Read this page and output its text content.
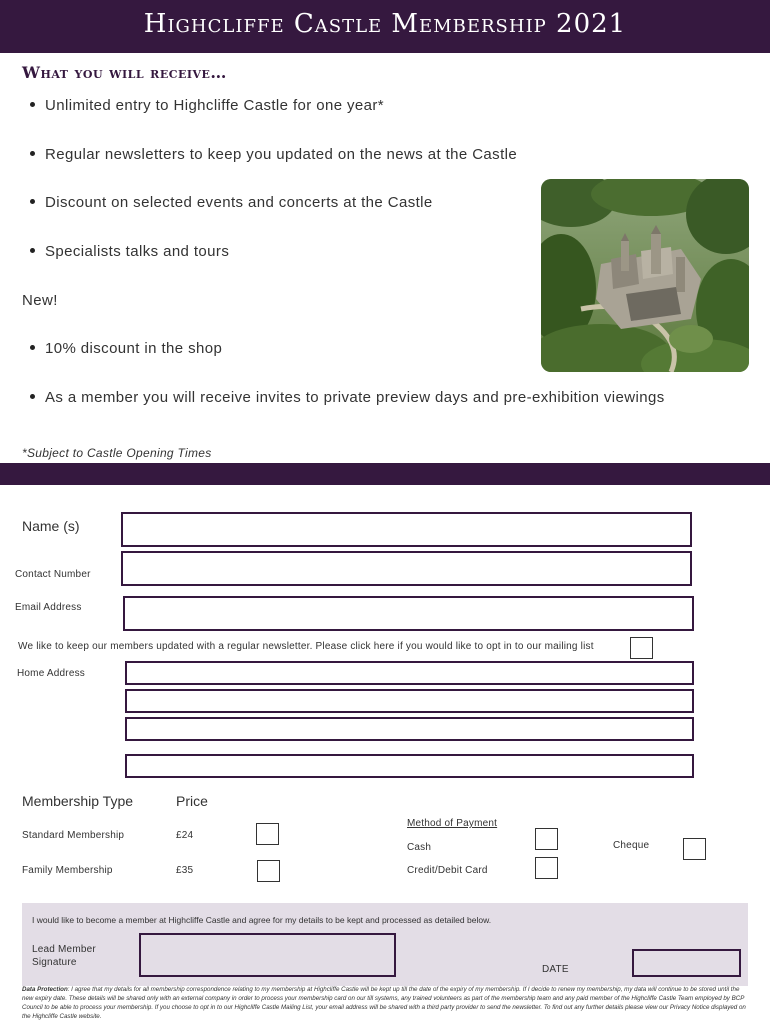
Highcliffe Castle Membership 2021
What you will receive…
Unlimited entry to Highcliffe Castle for one year*
Regular newsletters to keep you updated on the news at the Castle
Discount on selected events and concerts at the Castle
Specialists talks and tours
New!
10% discount in the shop
As a member you will receive invites to private preview days and pre-exhibition viewings
*Subject to Castle Opening Times
Name (s)
Contact Number
Email Address
We like to keep our members updated with a regular newsletter. Please click here if you would like to opt in to our mailing list
Home Address
Membership Type	Price
Standard Membership	£24
Family Membership	£35
Method of Payment
Cash
Credit/Debit Card
Cheque
I would like to become a member at Highcliffe Castle and agree for my details to be kept and processed as detailed below.
Lead Member
Signature
DATE
Data Protection: I agree that my details for all membership correspondence relating to my membership at Highcliffe Castle will be kept up till the date of the expiry of my membership. If I decide to renew my membership, my data will continue to be stored until the new expiry date. These details will be shared only with an external company in order to process your membership card on our till systems, any trained volunteers as part of the membership team and any paid member of the Highcliffe Castle Team employed by BCP Council to be able to process your membership. If you choose to opt in to our Highcliffe Castle Mailing List, your email address will be shared with a third party provider to send the newsletter. To find out any further details please view our Privacy Notice displayed on the Highcliffe Castle website.
